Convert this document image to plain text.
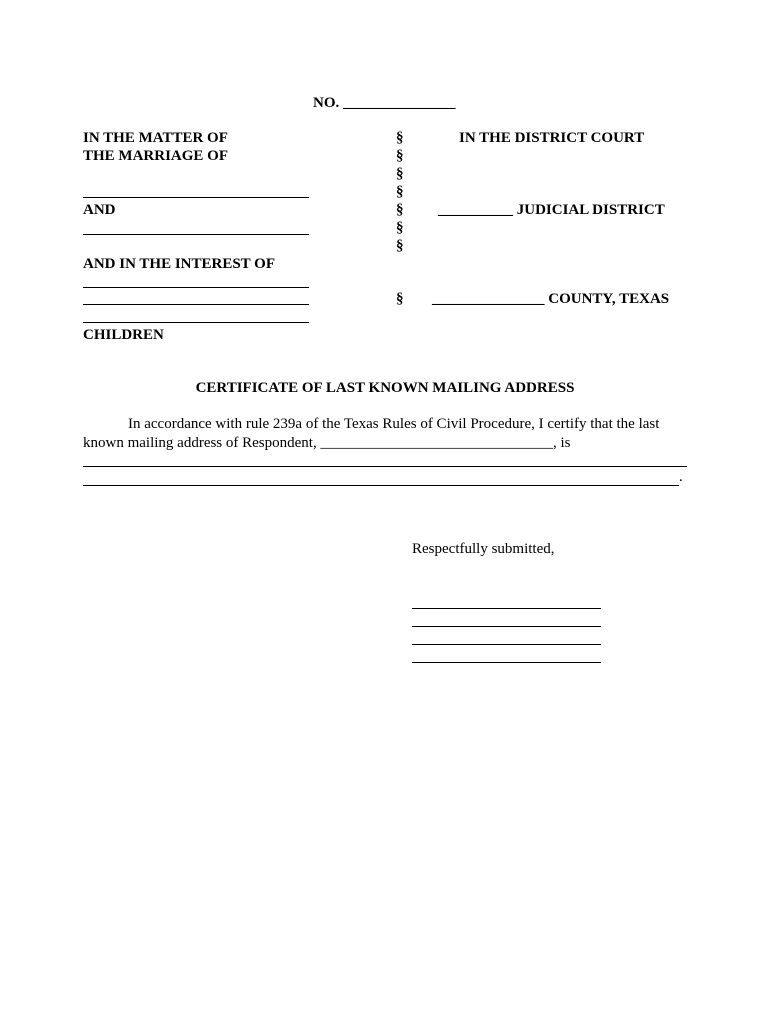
NO. _______________
IN THE MATTER OF
THE MARRIAGE OF
AND
AND IN THE INTEREST OF
CHILDREN
§
§
§
§
§
§
§
§
IN THE DISTRICT COURT
__________ JUDICIAL DISTRICT
_______________ COUNTY, TEXAS
CERTIFICATE OF LAST KNOWN MAILING ADDRESS
In accordance with rule 239a of the Texas Rules of Civil Procedure, I certify that the last
known mailing address of Respondent, _______________________________, is
.
Respectfully submitted,
